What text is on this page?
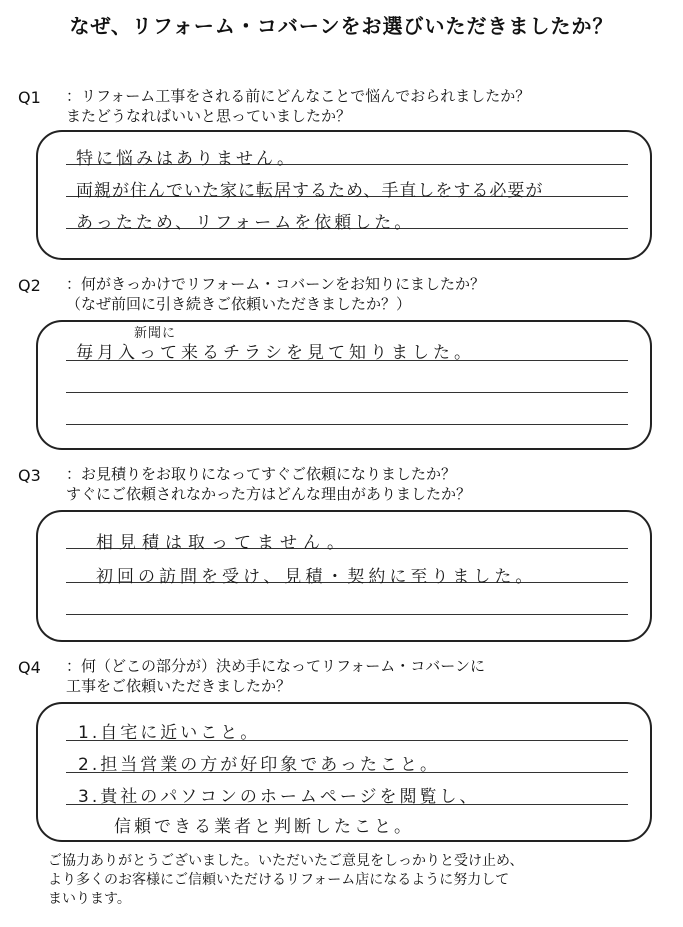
なぜ、リフォーム・コバーンをお選びいただきましたか？
Q1 ：リフォーム工事をされる前にどんなことで悩んでおられましたか？
またどうなればいいと思っていましたか？
特に悩みはありません。
両親が住んでいた家に転居するため、手直しをする必要が
あったため、リフォームを依頼した。
Q2 ：何がきっかけでリフォーム・コバーンをお知りにましたか？
（なぜ前回に引き続きご依頼いただきましたか？）
新聞に
毎月入って来るチラシを見て知りました。
Q3 ：お見積りをお取りになってすぐご依頼になりましたか？
すぐにご依頼されなかった方はどんな理由がありましたか？
相見積は取ってません。
初回の訪問を受け、見積・契約に至りました。
Q4 ：何（どこの部分が）決め手になってリフォーム・コバーンに
工事をご依頼いただきましたか？
1.自宅に近いこと。
2.担当営業の方が好印象であったこと。
3.貴社のパソコンのホームページを閲覧し、
信頼できる業者と判断したこと。
ご協力ありがとうございました。いただいたご意見をしっかりと受け止め、
より多くのお客様にご信頼いただけるリフォーム店になるように努力して
まいります。
